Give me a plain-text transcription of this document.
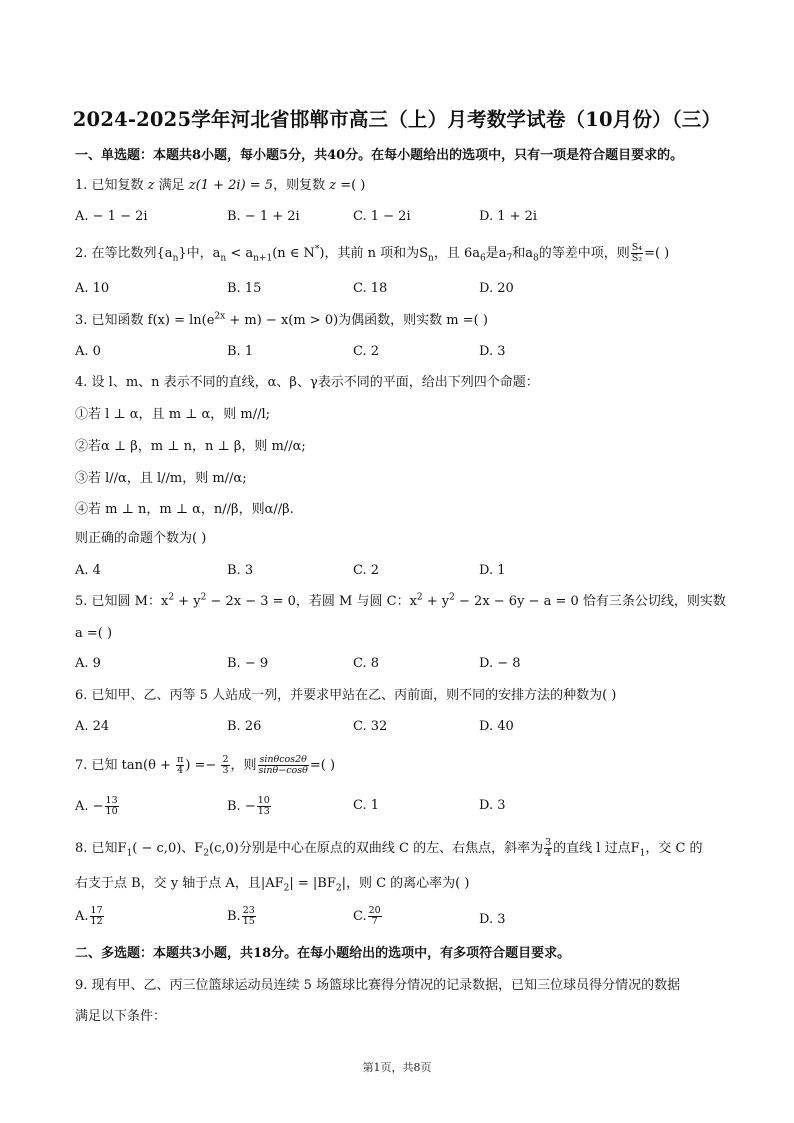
2024-2025学年河北省邯郸市高三（上）月考数学试卷（10月份）（三）
一、单选题：本题共8小题，每小题5分，共40分。在每小题给出的选项中，只有一项是符合题目要求的。
1. 已知复数 z 满足 z(1 + 2i) = 5，则复数 z =( )
A. − 1 − 2i	B. − 1 + 2i	C. 1 − 2i	D. 1 + 2i
2. 在等比数列$\{a_n\}$中，$a_n < a_{n+1}(n$ ∈ N*)，其前 n 项和为$S_n$，且 $6a_6$是$a_7$和$a_8$的等差中项，则 $\frac{\text{S₄}}{\text{S₂}}$ =( )
A. 10	B. 15	C. 18	D. 20
3. 已知函数 $f(x) = \ln(e^{2x} + m) - x(m > 0)$为偶函数，则实数 m =( )
A. 0	B. 1	C. 2	D. 3
4. 设 l、m、n 表示不同的直线，α、β、γ表示不同的平面，给出下列四个命题：
①若 l ⊥ α，且 m ⊥ α，则 m//l;
②若α ⊥ β，m ⊥ n，n ⊥ β，则 m//α;
③若 l//α，且 l//m，则 m//α;
④若 m ⊥ n，m ⊥ α，n//β，则α//β.
则正确的命题个数为( )
A. 4	B. 3	C. 2	D. 1
5. 已知圆 M：$x^2 + y^2 - 2x - 3 = 0$，若圆 M 与圆 C：$x^2 + y^2 - 2x - 6y - a = 0$ 恰有三条公切线，则实数
a =( )
A. 9	B. − 9	C. 8	D. − 8
6. 已知甲、乙、丙等 5 人站成一列，并要求甲站在乙、丙前面，则不同的安排方法的种数为( )
A. 24	B. 26	C. 32	D. 40
7. 已知 $\tan(\theta + \frac{\pi}{4}$ ) =− $\frac{2}{3}$ ，则 $\frac{\sin\theta\cos 2\theta}{\sin\theta-\cos\theta}$ =( )
A. − $\frac{13}{10}$	B. − $\frac{10}{13}$	C. 1	D. 3
8. 已知$F_1( - c,0)$、$F_2(c,0)$分别是中心在原点的双曲线 C 的左、右焦点，斜率为 $\frac{3}{4}$ 的直线 l 过点$F_1$，交 C 的
右支于点 B，交 y 轴于点 A，且$|AF_2| = |BF_2|$，则 C 的离心率为( )
A. $\frac{17}{12}$	B. $\frac{23}{15}$	C. $\frac{20}{7}$	D. 3
二、多选题：本题共3小题，共18分。在每小题给出的选项中，有多项符合题目要求。
9. 现有甲、乙、丙三位篮球运动员连续 5 场篮球比赛得分情况的记录数据，已知三位球员得分情况的数据
满足以下条件：
第1页，共8页
